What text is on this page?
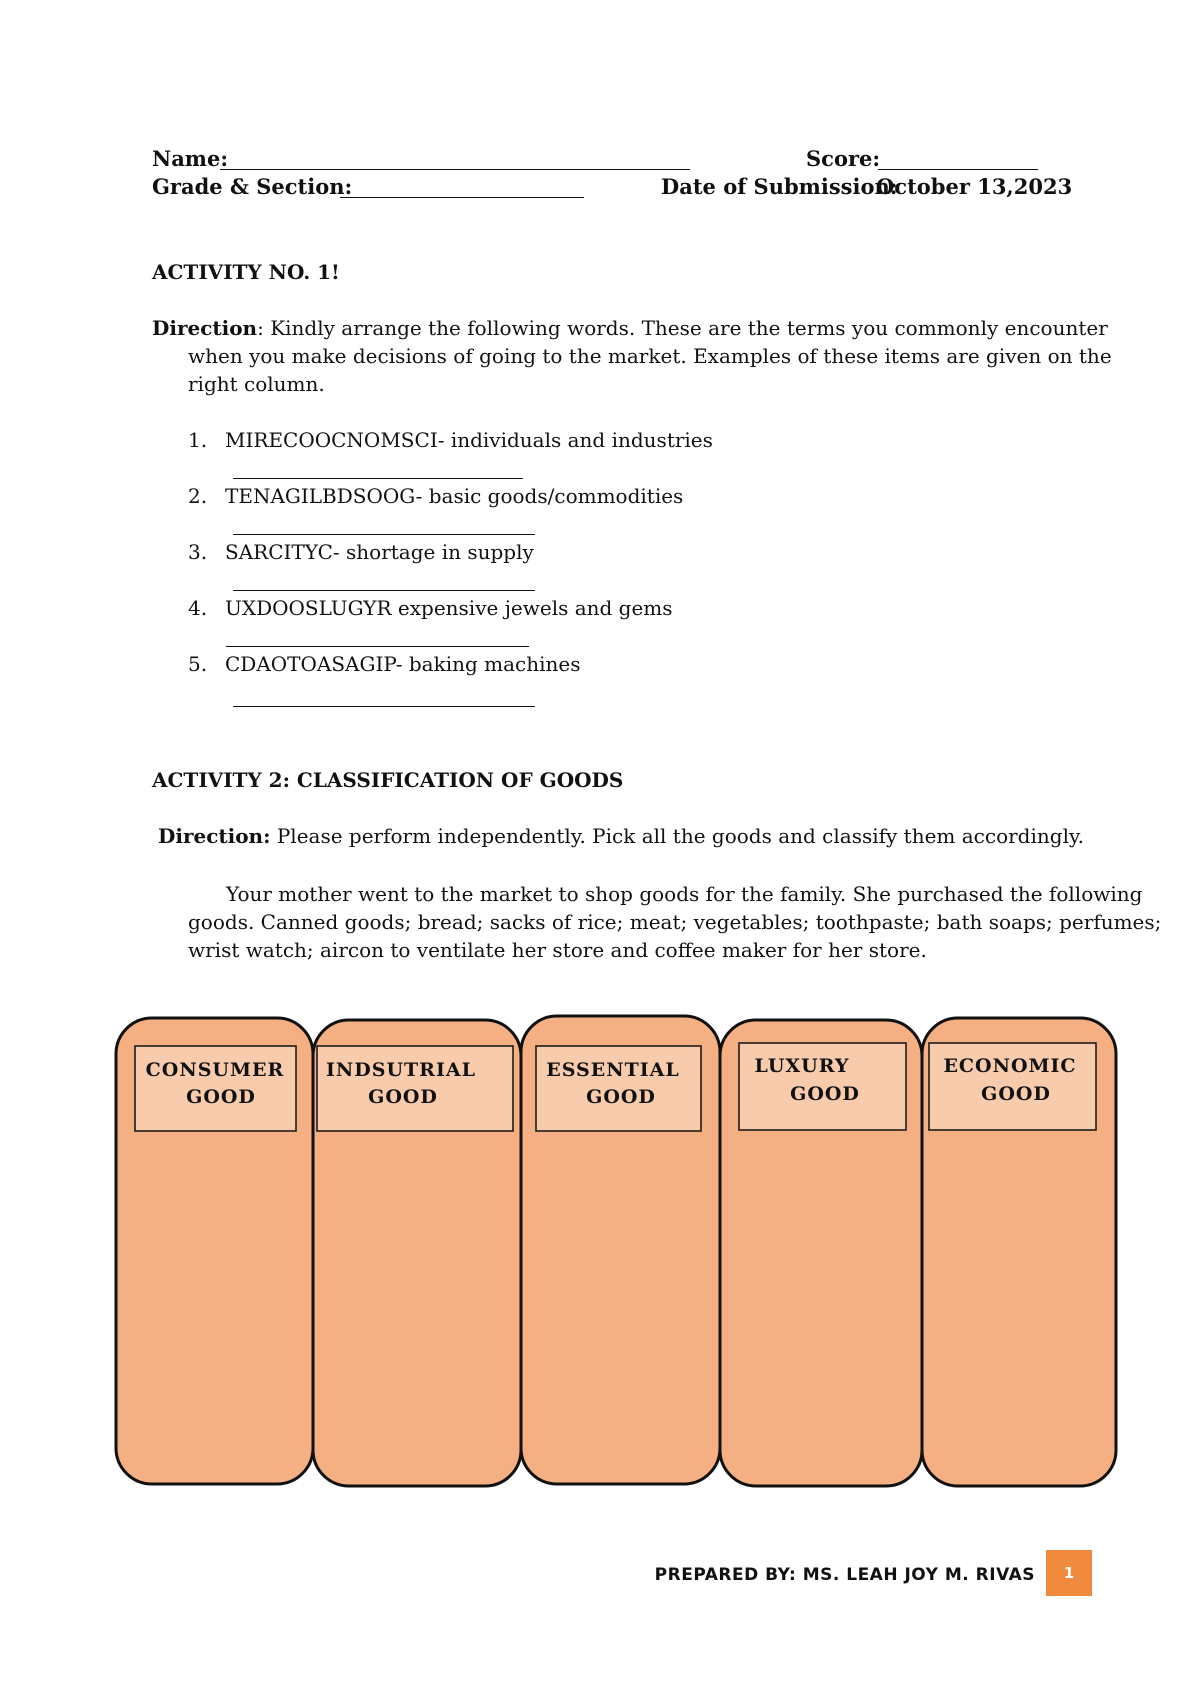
Name:	Score:
Grade & Section:	Date of Submission:
October 13,2023
ACTIVITY NO. 1!
Direction: Kindly arrange the following words. These are the terms you commonly encounter
when you make decisions of going to the market. Examples of these items are given on the
right column.
1. MIRECOOCNOMSCI- individuals and industries
2. TENAGILBDSOOG- basic goods/commodities
3. SARCITYC- shortage in supply
4. UXDOOSLUGYR expensive jewels and gems
5. CDAOTOASAGIP- baking machines
ACTIVITY 2: CLASSIFICATION OF GOODS
Direction: Please perform independently. Pick all the goods and classify them accordingly.
Your mother went to the market to shop goods for the family. She purchased the following
goods. Canned goods; bread; sacks of rice; meat; vegetables; toothpaste; bath soaps; perfumes;
wrist watch; aircon to ventilate her store and coffee maker for her store.
CONSUMER
GOOD
INDSUTRIAL
GOOD
ESSENTIAL
GOOD
LUXURY
GOOD
ECONOMIC
GOOD
PREPARED BY: MS. LEAH JOY M. RIVAS	1
